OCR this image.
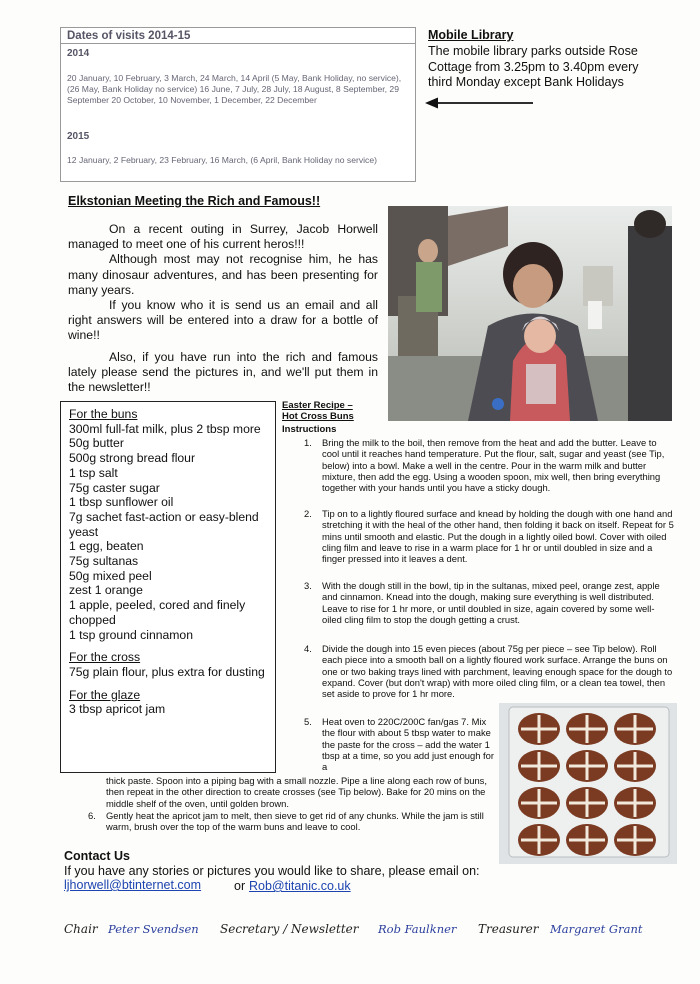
Dates of visits 2014-15
2014
20 January, 10 February, 3 March, 24 March, 14 April (5 May, Bank Holiday, no service), (26 May, Bank Holiday no service) 16 June, 7 July, 28 July, 18 August, 8 September, 29 September 20 October, 10 November, 1 December, 22 December
2015
12 January, 2 February, 23 February, 16 March, (6 April, Bank Holiday no service)
Mobile Library
The mobile library parks outside Rose Cottage from 3.25pm to 3.40pm every third Monday except Bank Holidays
Elkstonian Meeting the Rich and Famous!!

On a recent outing in Surrey, Jacob Horwell managed to meet one of his current heros!!!

Although most may not recognise him, he has many dinosaur adventures, and has been presenting for many years.

If you know who it is send us an email and all right answers will be entered into a draw for a bottle of wine!!

Also, if you have run into the rich and famous lately please send the pictures in, and we'll put them in the newsletter!!

For the buns
300ml full-fat milk, plus 2 tbsp more
50g butter
500g strong bread flour
1 tsp salt
75g caster sugar
1 tbsp sunflower oil
7g sachet fast-action or easy-blend yeast
1 egg, beaten
75g sultanas
50g mixed peel
zest 1 orange
1 apple, peeled, cored and finely chopped
1 tsp ground cinnamon
For the cross
75g plain flour, plus extra for dusting
For the glaze
3 tbsp apricot jam
Easter Recipe –
Hot Cross Buns
Instructions
1. Bring the milk to the boil, then remove from the heat and add the butter. Leave to cool until it reaches hand temperature. Put the flour, salt, sugar and yeast (see Tip, below) into a bowl. Make a well in the centre. Pour in the warm milk and butter mixture, then add the egg. Using a wooden spoon, mix well, then bring everything together with your hands until you have a sticky dough.
2. Tip on to a lightly floured surface and knead by holding the dough with one hand and stretching it with the heal of the other hand, then folding it back on itself. Repeat for 5 mins until smooth and elastic. Put the dough in a lightly oiled bowl. Cover with oiled cling film and leave to rise in a warm place for 1 hr or until doubled in size and a finger pressed into it leaves a dent.
3. With the dough still in the bowl, tip in the sultanas, mixed peel, orange zest, apple and cinnamon. Knead into the dough, making sure everything is well distributed. Leave to rise for 1 hr more, or until doubled in size, again covered by some well-oiled cling film to stop the dough getting a crust.
4. Divide the dough into 15 even pieces (about 75g per piece – see Tip below). Roll each piece into a smooth ball on a lightly floured work surface. Arrange the buns on one or two baking trays lined with parchment, leaving enough space for the dough to expand. Cover (but don't wrap) with more oiled cling film, or a clean tea towel, then set aside to prove for 1 hr more.
5. Heat oven to 220C/200C fan/gas 7. Mix the flour with about 5 tbsp water to make the paste for the cross – add the water 1 tbsp at a time, so you add just enough for a
thick paste. Spoon into a piping bag with a small nozzle. Pipe a line along each row of buns, then repeat in the other direction to create crosses (see Tip below). Bake for 20 mins on the middle shelf of the oven, until golden brown.
6. Gently heat the apricot jam to melt, then sieve to get rid of any chunks. While the jam is still warm, brush over the top of the warm buns and leave to cool.
Contact Us
If you have any stories or pictures you would like to share, please email on:
ljhorwell@btinternet.com	or Rob@titanic.co.uk
Chair Peter Svendsen Secretary / Newsletter Rob Faulkner Treasurer Margaret Grant
